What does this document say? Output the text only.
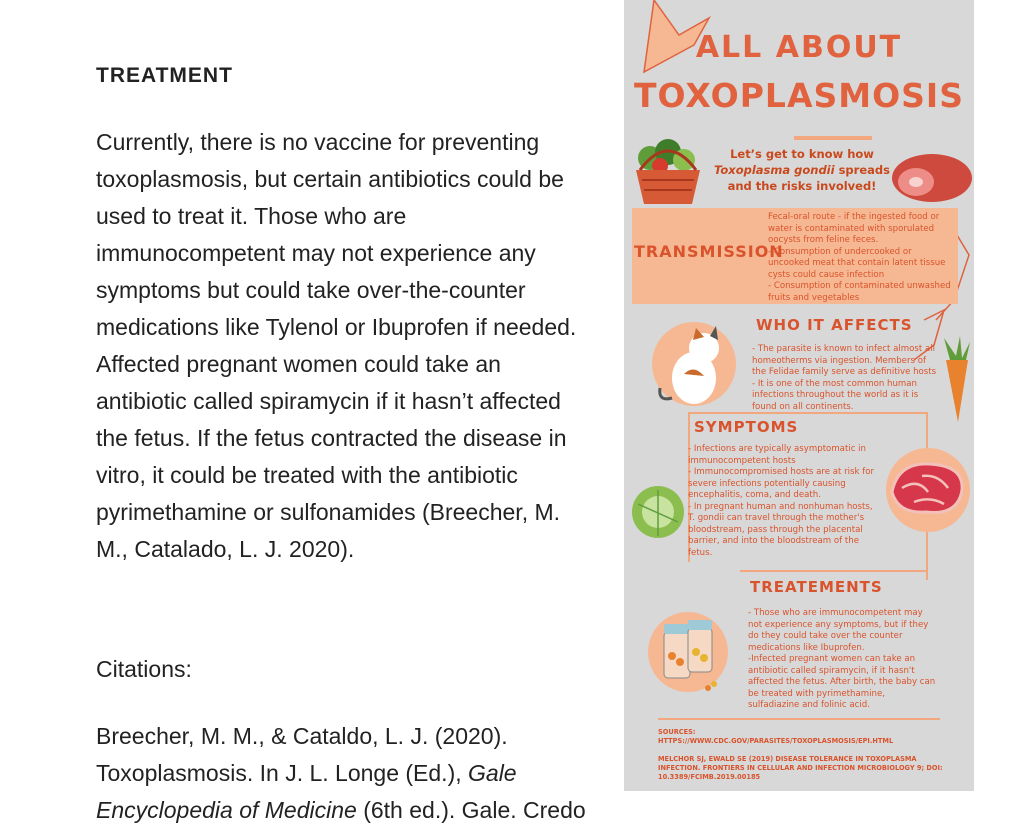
TREATMENT
Currently, there is no vaccine for preventing toxoplasmosis, but certain antibiotics could be used to treat it. Those who are immunocompetent may not experience any symptoms but could take over-the-counter medications like Tylenol or Ibuprofen if needed. Affected pregnant women could take an antibiotic called spiramycin if it hasn’t affected the fetus. If the fetus contracted the disease in vitro, it could be treated with the antibiotic pyrimethamine or sulfonamides (Breecher, M. M., Catalado, L. J. 2020).
Citations:
Breecher, M. M., & Cataldo, L. J. (2020). Toxoplasmosis. In J. L. Longe (Ed.), Gale Encyclopedia of Medicine (6th ed.). Gale. Credo
ALL ABOUT
TOXOPLASMOSIS
Let’s get to know how Toxoplasma gondii spreads and the risks involved!
TRANSMISSION
Fecal-oral route - if the ingested food or water is contaminated with sporulated oocysts from feline feces.
- Consumption of undercooked or uncooked meat that contain latent tissue cysts could cause infection
- Consumption of contaminated unwashed fruits and vegetables
WHO IT AFFECTS
- The parasite is known to infect almost all homeotherms via ingestion. Members of the Felidae family serve as definitive hosts
- It is one of the most common human infections throughout the world as it is found on all continents.
SYMPTOMS
- Infections are typically asymptomatic in immunocompetent hosts
- Immunocompromised hosts are at risk for severe infections potentially causing encephalitis, coma, and death.
- In pregnant human and nonhuman hosts, T. gondii can travel through the mother's bloodstream, pass through the placental barrier, and into the bloodstream of the fetus.
TREATEMENTS
- Those who are immunocompetent may not experience any symptoms, but if they do they could take over the counter medications like Ibuprofen.
-Infected pregnant women can take an antibiotic called spiramycin, if it hasn't affected the fetus. After birth, the baby can be treated with pyrimethamine, sulfadiazine and folinic acid.
SOURCES:
HTTPS://WWW.CDC.GOV/PARASITES/TOXOPLASMOSIS/EPI.HTML

MELCHOR SJ, EWALD SE (2019) DISEASE TOLERANCE IN TOXOPLASMA INFECTION. FRONTIERS IN CELLULAR AND INFECTION MICROBIOLOGY 9; DOI: 10.3389/FCIMB.2019.00185
